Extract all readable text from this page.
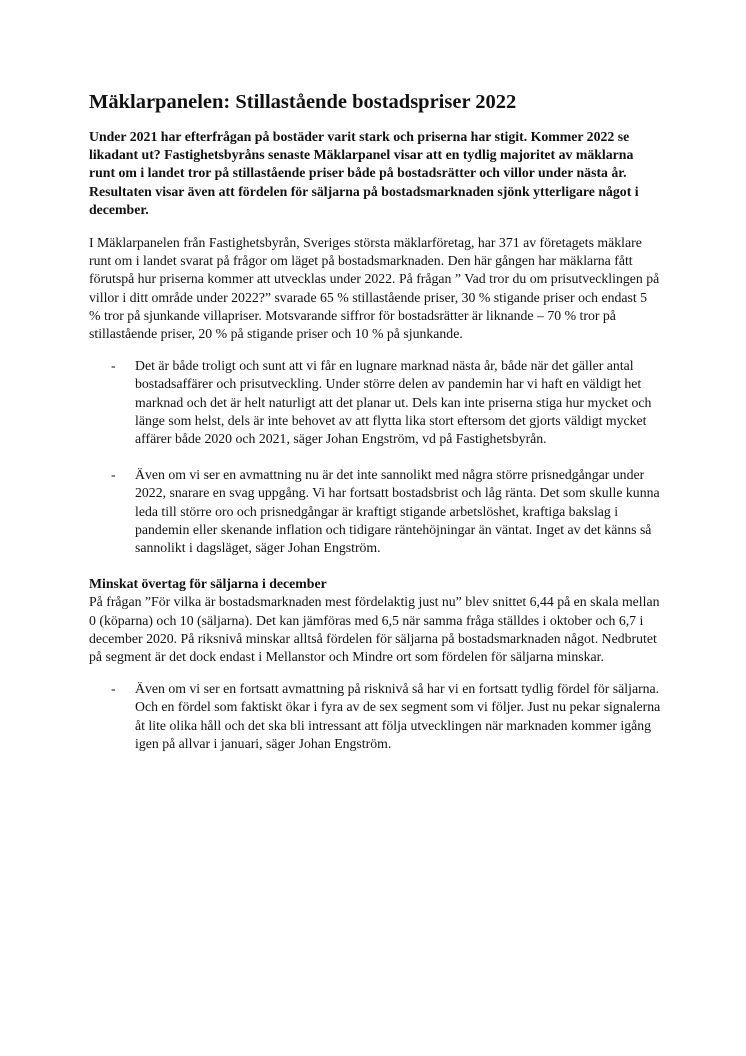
Mäklarpanelen: Stillastående bostadspriser 2022

Under 2021 har efterfrågan på bostäder varit stark och priserna har stigit. Kommer 2022 se likadant ut? Fastighetsbyråns senaste Mäklarpanel visar att en tydlig majoritet av mäklarna runt om i landet tror på stillastående priser både på bostadsrätter och villor under nästa år. Resultaten visar även att fördelen för säljarna på bostadsmarknaden sjönk ytterligare något i december.

I Mäklarpanelen från Fastighetsbyrån, Sveriges största mäklarföretag, har 371 av företagets mäklare runt om i landet svarat på frågor om läget på bostadsmarknaden. Den här gången har mäklarna fått förutspå hur priserna kommer att utvecklas under 2022. På frågan ” Vad tror du om prisutvecklingen på villor i ditt område under 2022?” svarade 65 % stillastående priser, 30 % stigande priser och endast 5 % tror på sjunkande villapriser. Motsvarande siffror för bostadsrätter är liknande – 70 % tror på stillastående priser, 20 % på stigande priser och 10 % på sjunkande.

- Det är både troligt och sunt att vi får en lugnare marknad nästa år, både när det gäller antal bostadsaffärer och prisutveckling. Under större delen av pandemin har vi haft en väldigt het marknad och det är helt naturligt att det planar ut. Dels kan inte priserna stiga hur mycket och länge som helst, dels är inte behovet av att flytta lika stort eftersom det gjorts väldigt mycket affärer både 2020 och 2021, säger Johan Engström, vd på Fastighetsbyrån.
- Även om vi ser en avmattning nu är det inte sannolikt med några större prisnedgångar under 2022, snarare en svag uppgång. Vi har fortsatt bostadsbrist och låg ränta. Det som skulle kunna leda till större oro och prisnedgångar är kraftigt stigande arbetslöshet, kraftiga bakslag i pandemin eller skenande inflation och tidigare räntehöjningar än väntat. Inget av det känns så sannolikt i dagsläget, säger Johan Engström.
Minskat övertag för säljarna i december

På frågan ”För vilka är bostadsmarknaden mest fördelaktig just nu” blev snittet 6,44 på en skala mellan 0 (köparna) och 10 (säljarna). Det kan jämföras med 6,5 när samma fråga ställdes i oktober och 6,7 i december 2020. På riksnivå minskar alltså fördelen för säljarna på bostadsmarknaden något. Nedbrutet på segment är det dock endast i Mellanstor och Mindre ort som fördelen för säljarna minskar.

- Även om vi ser en fortsatt avmattning på risknivå så har vi en fortsatt tydlig fördel för säljarna. Och en fördel som faktiskt ökar i fyra av de sex segment som vi följer. Just nu pekar signalerna åt lite olika håll och det ska bli intressant att följa utvecklingen när marknaden kommer igång igen på allvar i januari, säger Johan Engström.
